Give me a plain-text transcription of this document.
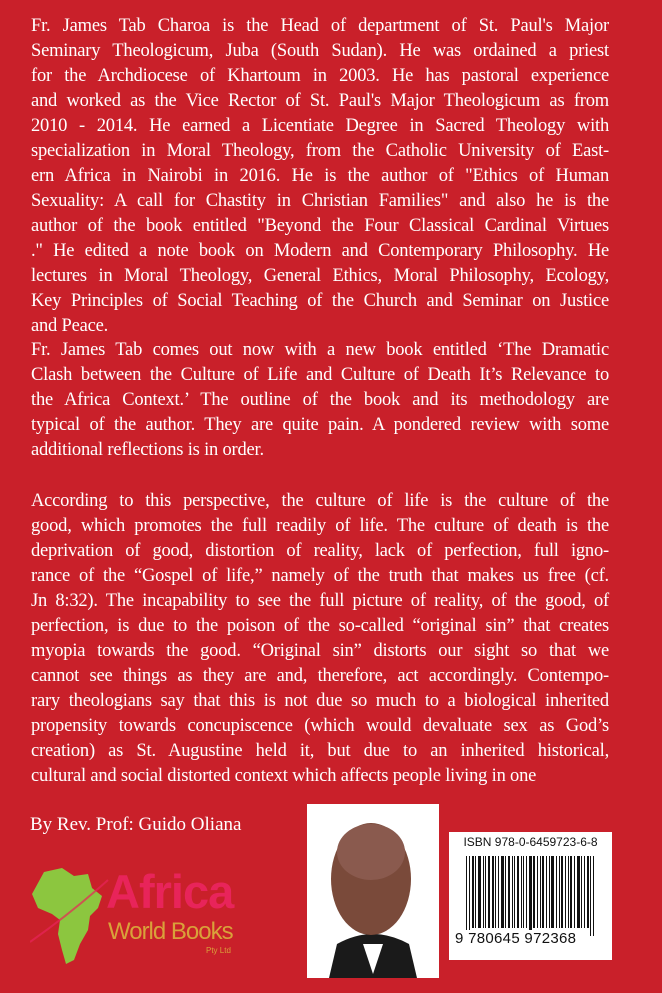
Fr. James Tab Charoa is the Head of department of St. Paul's Major
Seminary Theologicum, Juba (South Sudan). He was ordained a priest
for the Archdiocese of Khartoum in 2003. He has pastoral experience
and worked as the Vice Rector of St. Paul's Major Theologicum as from
2010 - 2014. He earned a Licentiate Degree in Sacred Theology with
specialization in Moral Theology, from the Catholic University of East-
ern Africa in Nairobi in 2016. He is the author of "Ethics of Human
Sexuality: A call for Chastity in Christian Families" and also he is the
author of the book entitled "Beyond the Four Classical Cardinal Virtues
." He edited a note book on Modern and Contemporary Philosophy. He
lectures in Moral Theology, General Ethics, Moral Philosophy, Ecology,
Key Principles of Social Teaching of the Church and Seminar on Justice
and Peace.
Fr. James Tab comes out now with a new book entitled ‘The Dramatic
Clash between the Culture of Life and Culture of Death It’s Relevance to
the Africa Context.’ The outline of the book and its methodology are
typical of the author. They are quite pain. A pondered review with some
additional reflections is in order.
According to this perspective, the culture of life is the culture of the
good, which promotes the full readily of life. The culture of death is the
deprivation of good, distortion of reality, lack of perfection, full igno-
rance of the “Gospel of life,” namely of the truth that makes us free (cf.
Jn 8:32). The incapability to see the full picture of reality, of the good, of
perfection, is due to the poison of the so-called “original sin” that creates
myopia towards the good. “Original sin” distorts our sight so that we
cannot see things as they are and, therefore, act accordingly. Contempo-
rary theologians say that this is not due so much to a biological inherited
propensity towards concupiscence (which would devaluate sex as God’s
creation) as St. Augustine held it, but due to an inherited historical,
cultural and social distorted context which affects people living in one
By Rev. Prof: Guido Oliana
Africa
World Books
Pty Ltd
ISBN 978-0-6459723-6-8
9 780645 972368
